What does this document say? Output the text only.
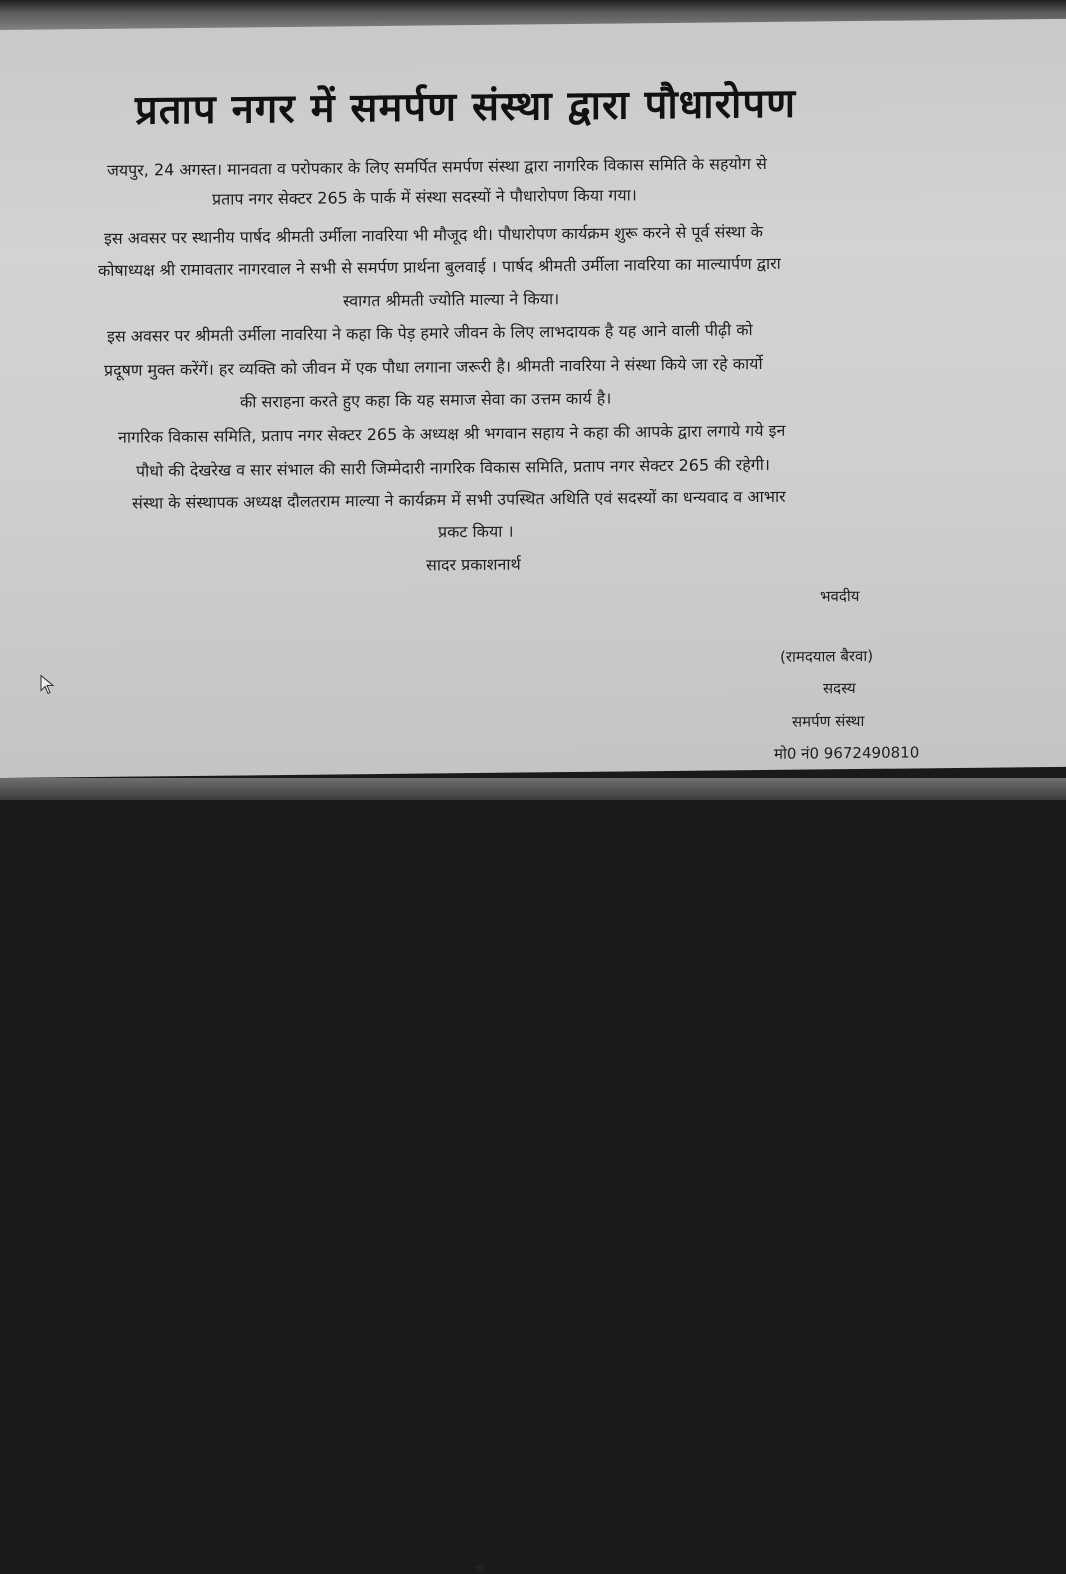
प्रताप नगर में समर्पण संस्था द्वारा पौधारोपण
जयपुर, 24 अगस्त। मानवता व परोपकार के लिए समर्पित समर्पण संस्था द्वारा नागरिक विकास समिति के सहयोग से
प्रताप नगर सेक्टर 265 के पार्क में संस्था सदस्यों ने पौधारोपण किया गया।
इस अवसर पर स्थानीय पार्षद श्रीमती उर्मीला नावरिया भी मौजूद थी। पौधारोपण कार्यक्रम शुरू करने से पूर्व संस्था के
कोषाध्यक्ष श्री रामावतार नागरवाल ने सभी से समर्पण प्रार्थना बुलवाई । पार्षद श्रीमती उर्मीला नावरिया का माल्यार्पण द्वारा
स्वागत श्रीमती ज्योति माल्या ने किया।
इस अवसर पर श्रीमती उर्मीला नावरिया ने कहा कि पेड़ हमारे जीवन के लिए लाभदायक है यह आने वाली पीढ़ी को
प्रदूषण मुक्त करेंगें। हर व्यक्ति को जीवन में एक पौधा लगाना जरूरी है। श्रीमती नावरिया ने संस्था किये जा रहे कार्यो
की सराहना करते हुए कहा कि यह समाज सेवा का उत्तम कार्य है।
नागरिक विकास समिति, प्रताप नगर सेक्टर 265 के अध्यक्ष श्री भगवान सहाय ने कहा की आपके द्वारा लगाये गये इन
पौधो की देखरेख व सार संभाल की सारी जिम्मेदारी नागरिक विकास समिति, प्रताप नगर सेक्टर 265 की रहेगी।
संस्था के संस्थापक अध्यक्ष दौलतराम माल्या ने कार्यक्रम में सभी उपस्थित अथिति एवं सदस्यों का धन्यवाद व आभार
प्रकट किया ।
सादर प्रकाशनार्थ
भवदीय
(रामदयाल बैरवा)
सदस्य
समर्पण संस्था
मो0 नं0 9672490810
◀
